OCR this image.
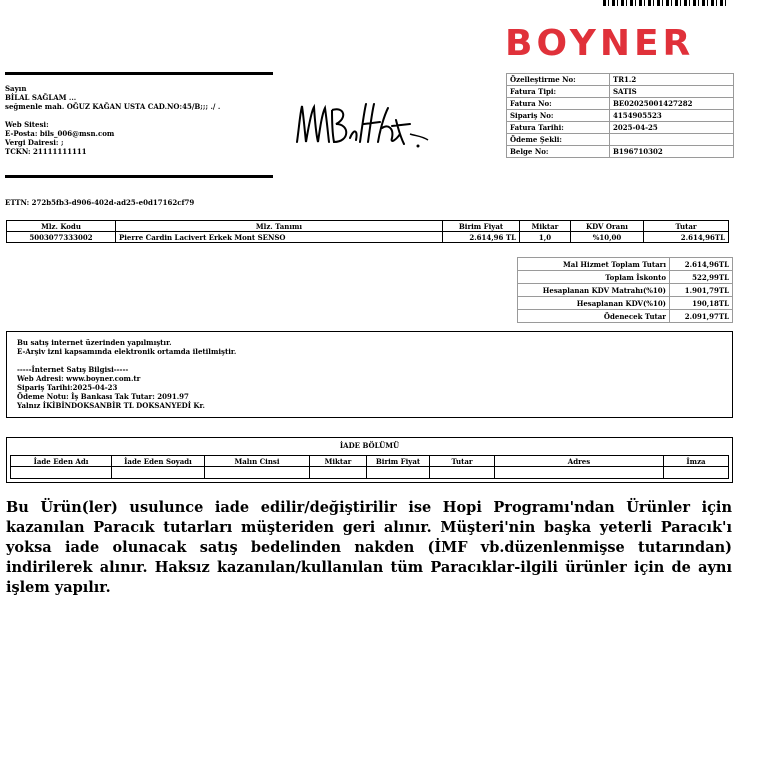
BOYNER
Sayın
BİLAL SAĞLAM ...
seğmenle mah. OĞUZ KAĞAN USTA CAD.NO:45/B;;; ./ .
Web Sitesi:
E-Posta: bils_006@msn.com
Vergi Dairesi: ;
TCKN: 21111111111
Özelleştirme No:	TR1.2
Fatura Tipi:	SATIS
Fatura No:	BE02025001427282
Sipariş No:	4154905523
Fatura Tarihi:	2025-04-25
Ödeme Şekli:	
Belge No:	B196710302
ETTN: 272b5fb3-d906-402d-ad25-e0d17162cf79
Mlz. Kodu	Mlz. Tanımı	Birim Fiyat	Miktar	KDV Oranı	Tutar
5003077333002	Pierre Cardin Lacivert Erkek Mont SENSO	2.614,96 TL	1,0	%10,00	2.614,96TL
Mal Hizmet Toplam Tutarı	2.614,96TL
Toplam İskonto	522,99TL
Hesaplanan KDV Matrahı(%10)	1.901,79TL
Hesaplanan KDV(%10)	190,18TL
Ödenecek Tutar	2.091,97TL
Bu satış internet üzerinden yapılmıştır.
E-Arşiv izni kapsamında elektronik ortamda iletilmiştir.
-----İnternet Satış Bilgisi-----
Web Adresi: www.boyner.com.tr
Sipariş Tarihi:2025-04-23
Ödeme Notu: İş Bankası Tak Tutar: 2091.97
Yalnız İKİBİNDOKSANBİR TL DOKSANYEDİ Kr.
İADE BÖLÜMÜ
İade Eden Adı	İade Eden Soyadı	Malın Cinsi	Miktar	Birim Fiyat	Tutar	Adres	İmza

Bu Ürün(ler) usulunce iade edilir/değiştirilir ise Hopi Programı'ndan Ürünler için kazanılan Paracık tutarları müşteriden geri alınır. Müşteri'nin başka yeterli Paracık'ı yoksa iade olunacak satış bedelinden nakden (İMF vb.düzenlenmişse tutarından) indirilerek alınır. Haksız kazanılan/kullanılan tüm Paracıklar-ilgili ürünler için de aynı işlem yapılır.
